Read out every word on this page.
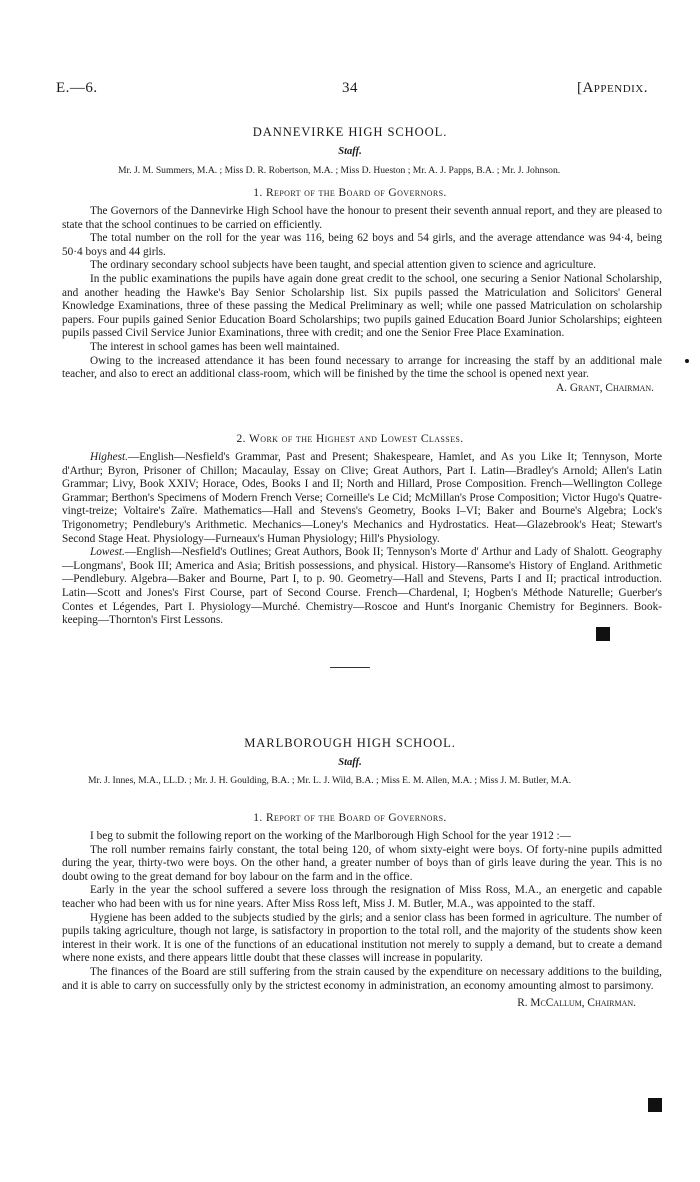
34
E.—6.	[Appendix.
DANNEVIRKE HIGH SCHOOL.
Staff.
Mr. J. M. Summers, M.A. ; Miss D. R. Robertson, M.A. ; Miss D. Hueston ; Mr. A. J. Papps, B.A. ; Mr. J. Johnson.
1. Report of the Board of Governors.

The Governors of the Dannevirke High School have the honour to present their seventh annual report, and they are pleased to state that the school continues to be carried on efficiently.

The total number on the roll for the year was 116, being 62 boys and 54 girls, and the average attendance was 94·4, being 50·4 boys and 44 girls.

The ordinary secondary school subjects have been taught, and special attention given to science and agriculture.

In the public examinations the pupils have again done great credit to the school, one securing a Senior National Scholarship, and another heading the Hawke's Bay Senior Scholarship list. Six pupils passed the Matriculation and Solicitors' General Knowledge Examinations, three of these passing the Medical Preliminary as well; while one passed Matriculation on scholarship papers. Four pupils gained Senior Education Board Scholarships; two pupils gained Education Board Junior Scholarships; eighteen pupils passed Civil Service Junior Examinations, three with credit; and one the Senior Free Place Examination.

The interest in school games has been well maintained.

Owing to the increased attendance it has been found necessary to arrange for increasing the staff by an additional male teacher, and also to erect an additional class-room, which will be finished by the time the school is opened next year.

A. Grant, Chairman.
2. Work of the Highest and Lowest Classes.

Highest.—English—Nesfield's Grammar, Past and Present; Shakespeare, Hamlet, and As you Like It; Tennyson, Morte d'Arthur; Byron, Prisoner of Chillon; Macaulay, Essay on Clive; Great Authors, Part I. Latin—Bradley's Arnold; Allen's Latin Grammar; Livy, Book XXIV; Horace, Odes, Books I and II; North and Hillard, Prose Composition. French—Wellington College Grammar; Berthon's Specimens of Modern French Verse; Corneille's Le Cid; McMillan's Prose Composition; Victor Hugo's Quatre-vingt-treize; Voltaire's Zaïre. Mathematics—Hall and Stevens's Geometry, Books I–VI; Baker and Bourne's Algebra; Lock's Trigonometry; Pendlebury's Arithmetic. Mechanics—Loney's Mechanics and Hydrostatics. Heat—Glazebrook's Heat; Stewart's Second Stage Heat. Physiology—Furneaux's Human Physiology; Hill's Physiology.

Lowest.—English—Nesfield's Outlines; Great Authors, Book II; Tennyson's Morte d' Arthur and Lady of Shalott. Geography—Longmans', Book III; America and Asia; British possessions, and physical. History—Ransome's History of England. Arithmetic—Pendlebury. Algebra—Baker and Bourne, Part I, to p. 90. Geometry—Hall and Stevens, Parts I and II; practical introduction. Latin—Scott and Jones's First Course, part of Second Course. French—Chardenal, I; Hogben's Méthode Naturelle; Guerber's Contes et Légendes, Part I. Physiology—Murché. Chemistry—Roscoe and Hunt's Inorganic Chemistry for Beginners. Book-keeping—Thornton's First Lessons.

MARLBOROUGH HIGH SCHOOL.
Staff.
Mr. J. Innes, M.A., LL.D. ; Mr. J. H. Goulding, B.A. ; Mr. L. J. Wild, B.A. ; Miss E. M. Allen, M.A. ; Miss J. M. Butler, M.A.
1. Report of the Board of Governors.

I beg to submit the following report on the working of the Marlborough High School for the year 1912 :—

The roll number remains fairly constant, the total being 120, of whom sixty-eight were boys. Of forty-nine pupils admitted during the year, thirty-two were boys. On the other hand, a greater number of boys than of girls leave during the year. This is no doubt owing to the great demand for boy labour on the farm and in the office.

Early in the year the school suffered a severe loss through the resignation of Miss Ross, M.A., an energetic and capable teacher who had been with us for nine years. After Miss Ross left, Miss J. M. Butler, M.A., was appointed to the staff.

Hygiene has been added to the subjects studied by the girls; and a senior class has been formed in agriculture. The number of pupils taking agriculture, though not large, is satisfactory in proportion to the total roll, and the majority of the students show keen interest in their work. It is one of the functions of an educational institution not merely to supply a demand, but to create a demand where none exists, and there appears little doubt that these classes will increase in popularity.

The finances of the Board are still suffering from the strain caused by the expenditure on necessary additions to the building, and it is able to carry on successfully only by the strictest economy in administration, an economy amounting almost to parsimony.

R. McCallum, Chairman.
